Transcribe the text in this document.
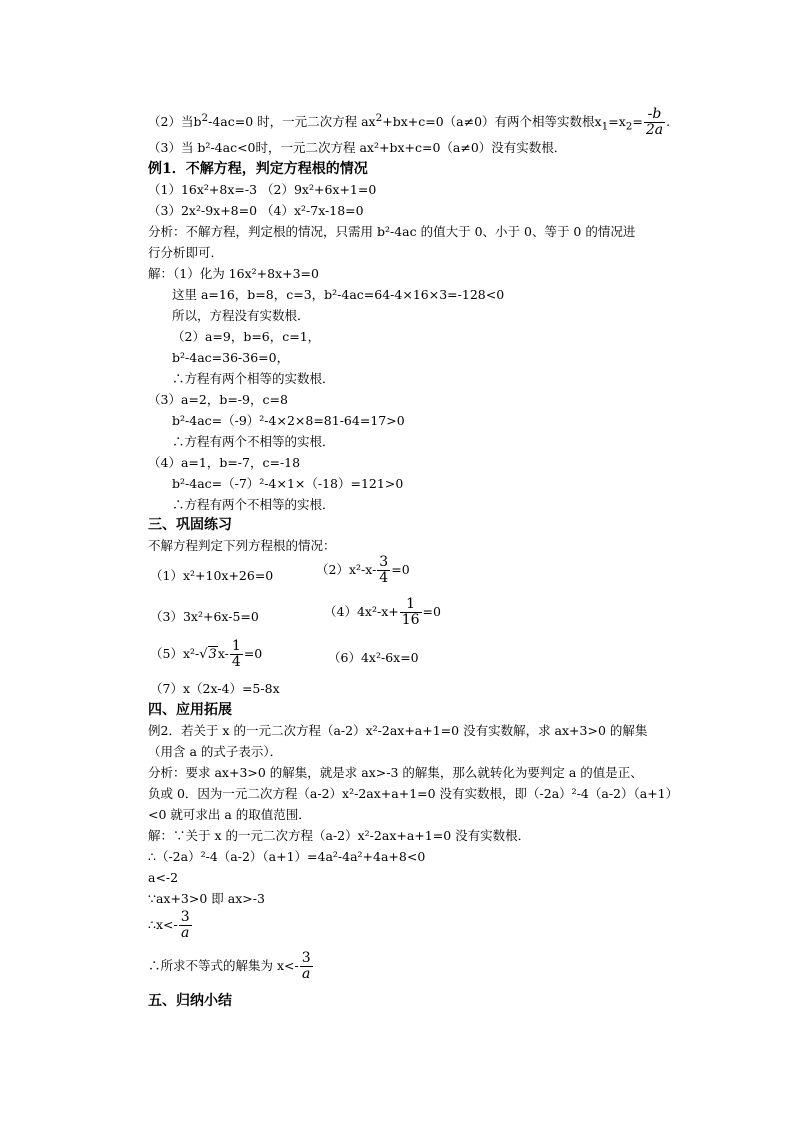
（2）当$b^2-4ac=0$ 时，一元二次方程 $ax^2+bx+c=0(a\ne 0)$有两个相等实数根$x_1=x_2= \frac{-b}{2a}$ .
（3）当 b²-4ac<0时，一元二次方程 ax²+bx+c=0（a≠0）没有实数根．
例1．不解方程，判定方程根的情况
（1）16x²+8x=-3 （2）9x²+6x+1=0
（3）2x²-9x+8=0 （4）x²-7x-18=0
分析：不解方程，判定根的情况，只需用 b²-4ac 的值大于 0、小于 0、等于 0 的情况进
行分析即可．
解：（1）化为 16x²+8x+3=0
这里 a=16，b=8，c=3，b²-4ac=64-4×16×3=-128<0
所以，方程没有实数根．
（2）a=9，b=6，c=1，
b²-4ac=36-36=0，
∴方程有两个相等的实数根．
（3）a=2，b=-9，c=8
b²-4ac=（-9）²-4×2×8=81-64=17>0
∴方程有两个不相等的实根．
（4）a=1，b=-7，c=-18
b²-4ac=（-7）²-4×1×（-18）=121>0
∴方程有两个不相等的实根．
三、巩固练习
不解方程判定下列方程根的情况：
（1）x²+10x+26=0	$(2)x^2-x- \frac{3}{4} =0$
（3）3x²+6x-5=0	$(4)4x^2-x+ \frac{1}{16} =0$
$(5)x^2-√3x- \frac{1}{4} =0$	（6）4x²-6x=0
（7）x（2x-4）=5-8x
四、应用拓展
例2．若关于 x 的一元二次方程（a-2）x²-2ax+a+1=0 没有实数解，求 ax+3>0 的解集
（用含 a 的式子表示）．
分析：要求 ax+3>0 的解集，就是求 ax>-3 的解集，那么就转化为要判定 a 的值是正、
负或 0．因为一元二次方程（a-2）x²-2ax+a+1=0 没有实数根，即（-2a）²-4（a-2）（a+1）
<0 就可求出 a 的取值范围．
解：∵关于 x 的一元二次方程（a-2）x²-2ax+a+1=0 没有实数根．
∴（-2a）²-4（a-2）（a+1）=4a²-4a²+4a+8<0
a<-2
∵ax+3>0 即 ax>-3
∴x<- $\frac{3}{a}$
∴所求不等式的解集为 $x<- \frac{3}{a}$
五、归纳小结
